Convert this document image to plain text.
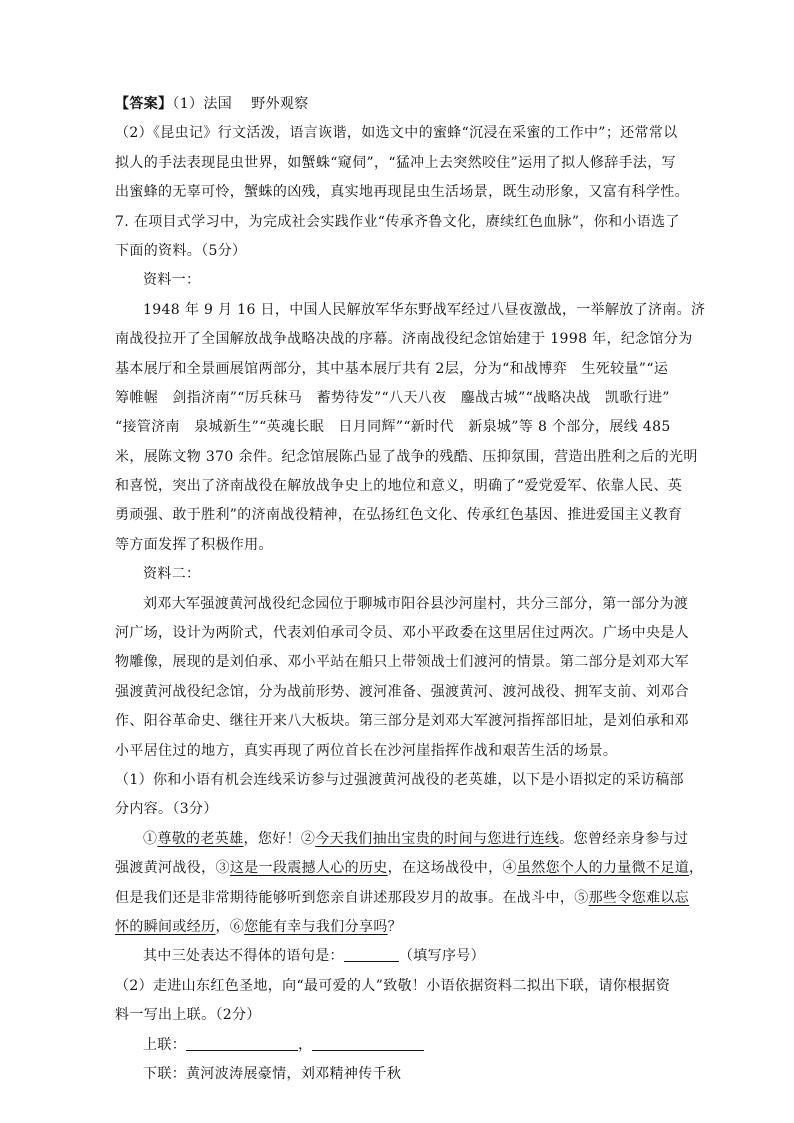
【答案】（1）法国　 野外观察
（2）《昆虫记》行文活泼，语言诙谐，如选文中的蜜蜂“沉浸在采蜜的工作中”；还常常以
拟人的手法表现昆虫世界，如蟹蛛“窥伺”，“猛冲上去突然咬住”运用了拟人修辞手法，写
出蜜蜂的无辜可怜，蟹蛛的凶残，真实地再现昆虫生活场景，既生动形象，又富有科学性。
7. 在项目式学习中，为完成社会实践作业“传承齐鲁文化，赓续红色血脉”，你和小语选了
下面的资料。（5分）
资料一：
1948 年 9 月 16 日，中国人民解放军华东野战军经过八昼夜激战，一举解放了济南。济
南战役拉开了全国解放战争战略决战的序幕。济南战役纪念馆始建于 1998 年，纪念馆分为
基本展厅和全景画展馆两部分，其中基本展厅共有 2层，分为“和战博弈　生死较量”“运
筹帷幄　剑指济南”“厉兵秣马　蓄势待发”“八天八夜　鏖战古城”“战略决战　凯歌行进”
“接管济南　泉城新生”“英魂长眠　日月同辉”“新时代　新泉城”等 8 个部分，展线 485
米，展陈文物 370 余件。纪念馆展陈凸显了战争的残酷、压抑氛围，营造出胜利之后的光明
和喜悦，突出了济南战役在解放战争史上的地位和意义，明确了“爱党爱军、依靠人民、英
勇顽强、敢于胜利”的济南战役精神，在弘扬红色文化、传承红色基因、推进爱国主义教育
等方面发挥了积极作用。
资料二：
刘邓大军强渡黄河战役纪念园位于聊城市阳谷县沙河崖村，共分三部分，第一部分为渡
河广场，设计为两阶式，代表刘伯承司令员、邓小平政委在这里居住过两次。广场中央是人
物雕像，展现的是刘伯承、邓小平站在船只上带领战士们渡河的情景。第二部分是刘邓大军
强渡黄河战役纪念馆，分为战前形势、渡河准备、强渡黄河、渡河战役、拥军支前、刘邓合
作、阳谷革命史、继往开来八大板块。第三部分是刘邓大军渡河指挥部旧址，是刘伯承和邓
小平居住过的地方，真实再现了两位首长在沙河崖指挥作战和艰苦生活的场景。
（1）你和小语有机会连线采访参与过强渡黄河战役的老英雄，以下是小语拟定的采访稿部
分内容。（3分）
①尊敬的老英雄，您好！②今天我们抽出宝贵的时间与您进行连线。您曾经亲身参与过
强渡黄河战役，③这是一段震撼人心的历史，在这场战役中，④虽然您个人的力量微不足道，
但是我们还是非常期待能够听到您亲自讲述那段岁月的故事。在战斗中，⑤那些令您难以忘
怀的瞬间或经历，⑥您能有幸与我们分享吗？
其中三处表达不得体的语句是：	（填写序号）
（2）走进山东红色圣地，向“最可爱的人”致敬！小语依据资料二拟出下联，请你根据资
料一写出上联。（2分）
上联：	，
下联：黄河波涛展豪情，刘邓精神传千秋
